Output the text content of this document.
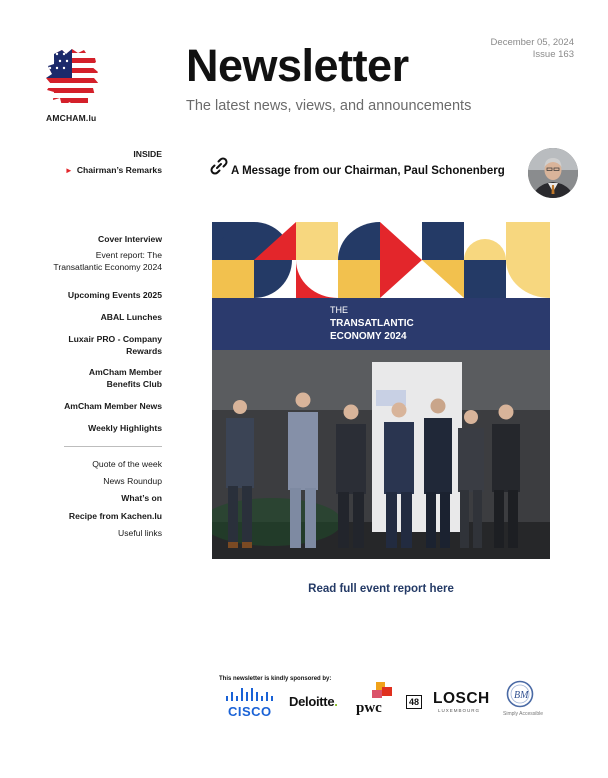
AMCHAM.lu
Newsletter
The latest news, views, and announcements
December 05, 2024
Issue 163
INSIDE
► Chairman’s Remarks
Cover Interview
Event report: The
Transatlantic Economy 2024
Upcoming Events 2025
ABAL Lunches
Luxair PRO - Company
Rewards
AmCham Member
Benefits Club
AmCham Member News
Weekly Highlights
Quote of the week
News Roundup
What’s on
Recipe from Kachen.lu
Useful links
A Message from our Chairman, Paul Schonenberg
THE
TRANSATLANTIC
ECONOMY 2024
Read full event report here
This newsletter is kindly sponsored by:
CISCO
Deloitte. pwc	48 LOSCH
LUXEMBOURG
BM
Simply Accessible
